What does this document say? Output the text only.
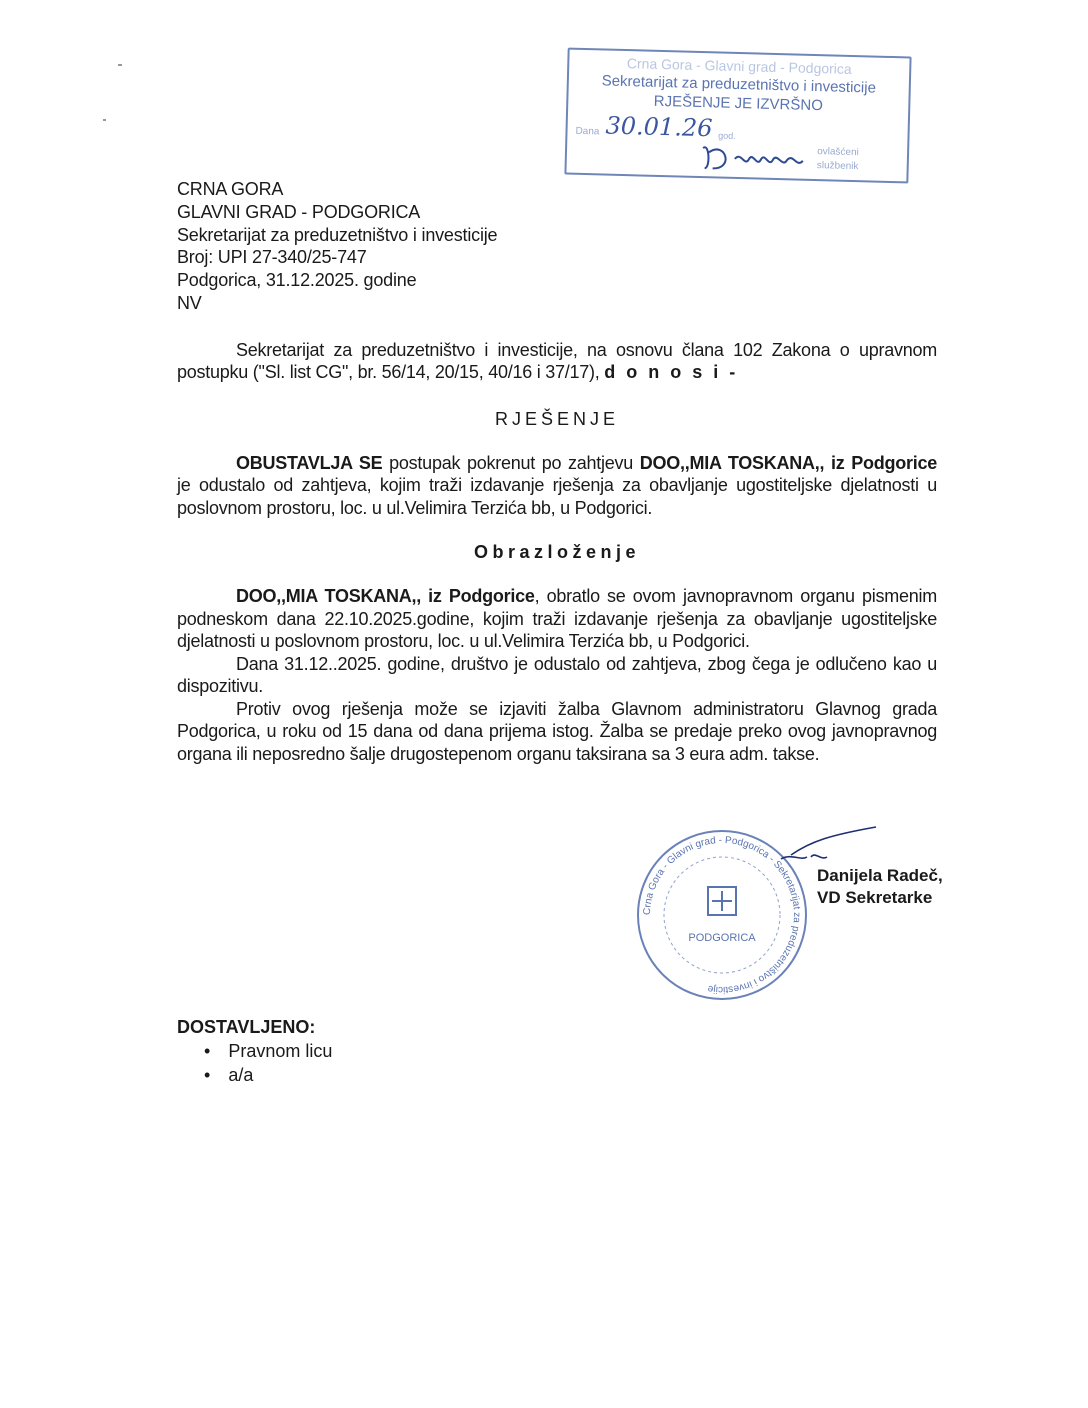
Crna Gora - Glavni grad - Podgorica
Sekretarijat za preduzetništvo i investicije
RJEŠENJE JE IZVRŠNO
Dana 30.01.26 god.
ovlašćeni službenik
CRNA GORA
GLAVNI GRAD - PODGORICA
Sekretarijat za preduzetništvo i investicije
Broj: UPI 27-340/25-747
Podgorica, 31.12.2025. godine
NV

Sekretarijat za preduzetništvo i investicije, na osnovu člana 102 Zakona o upravnom postupku ("Sl. list CG", br. 56/14, 20/15, 40/16 i 37/17), d o n o s i -

RJEŠENJE

OBUSTAVLJA SE postupak pokrenut po zahtjevu DOO,,MIA TOSKANA,, iz Podgorice je odustalo od zahtjeva, kojim traži izdavanje rješenja za obavljanje ugostiteljske djelatnosti u poslovnom prostoru, loc. u ul.Velimira Terzića bb, u Podgorici.

Obrazloženje

DOO,,MIA TOSKANA,, iz Podgorice, obratlo se ovom javnopravnom organu pismenim podneskom dana 22.10.2025.godine, kojim traži izdavanje rješenja za obavljanje ugostiteljske djelatnosti u poslovnom prostoru, loc. u ul.Velimira Terzića bb, u Podgorici.

Dana 31.12..2025. godine, društvo je odustalo od zahtjeva, zbog čega je odlučeno kao u dispozitivu.

Protiv ovog rješenja može se izjaviti žalba Glavnom administratoru Glavnog grada Podgorica, u roku od 15 dana od dana prijema istog. Žalba se predaje preko ovog javnopravnog organa ili neposredno šalje drugostepenom organu taksirana sa 3 eura adm. takse.

Crna Gora - Glavni grad - Podgorica - Sekretarijat za preduzetništvo i investicije
PODGORICA
Danijela Radeč,
VD Sekretarke
DOSTAVLJENO:
• Pravnom licu
• a/a
